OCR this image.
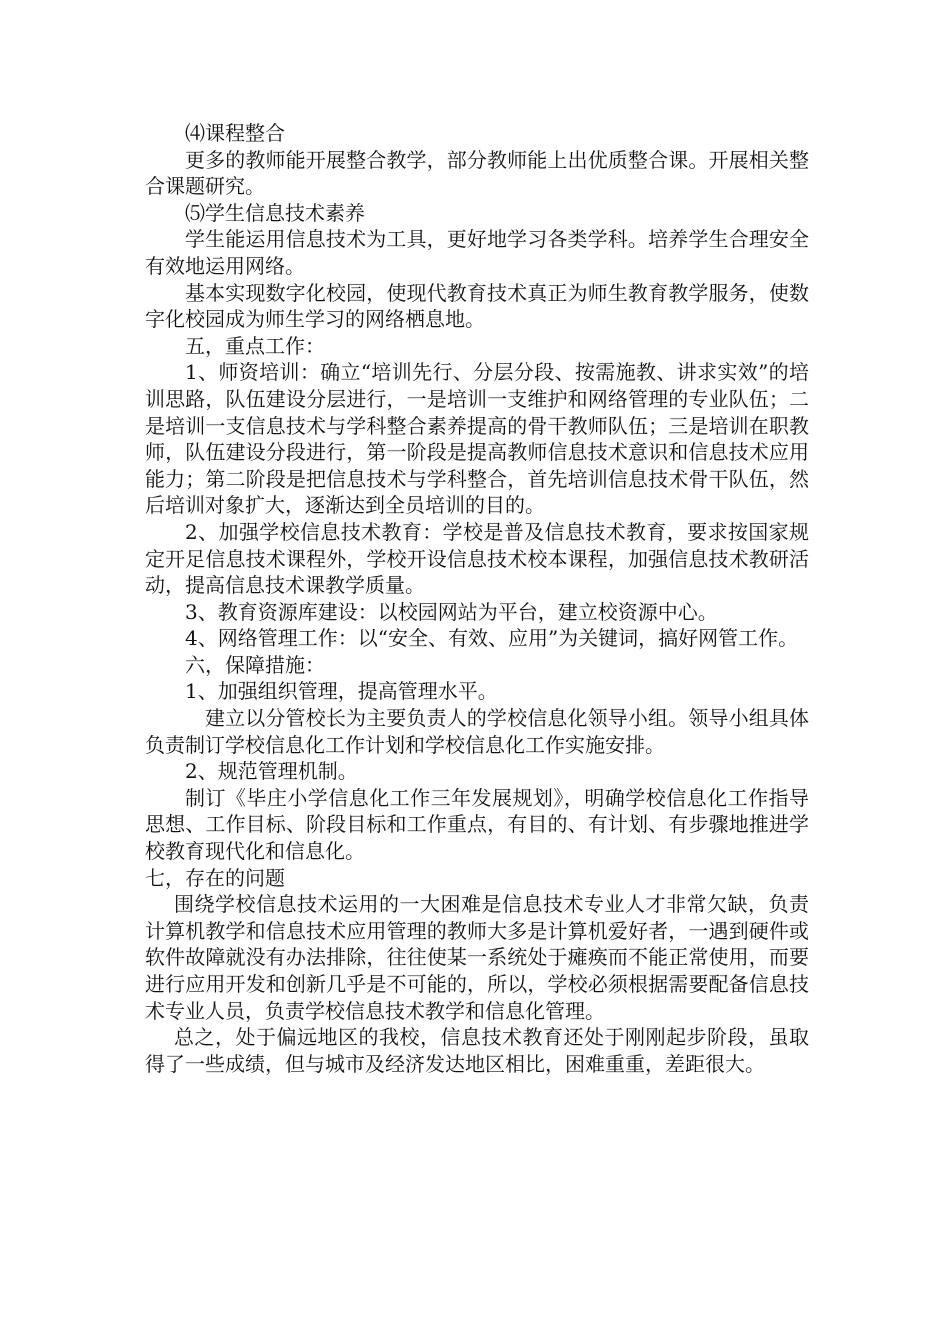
⑷课程整合

更多的教师能开展整合教学，部分教师能上出优质整合课。开展相关整合课题研究。

⑸学生信息技术素养

学生能运用信息技术为工具，更好地学习各类学科。培养学生合理安全有效地运用网络。

基本实现数字化校园，使现代教育技术真正为师生教育教学服务，使数字化校园成为师生学习的网络栖息地。

五，重点工作：

1、师资培训：确立“培训先行、分层分段、按需施教、讲求实效”的培训思路，队伍建设分层进行，一是培训一支维护和网络管理的专业队伍；二是培训一支信息技术与学科整合素养提高的骨干教师队伍；三是培训在职教师，队伍建设分段进行，第一阶段是提高教师信息技术意识和信息技术应用能力；第二阶段是把信息技术与学科整合，首先培训信息技术骨干队伍，然后培训对象扩大，逐渐达到全员培训的目的。

2、加强学校信息技术教育：学校是普及信息技术教育，要求按国家规定开足信息技术课程外，学校开设信息技术校本课程，加强信息技术教研活动，提高信息技术课教学质量。

3、教育资源库建设：以校园网站为平台，建立校资源中心。

4、网络管理工作：以“安全、有效、应用”为关键词，搞好网管工作。

六，保障措施：

1、加强组织管理，提高管理水平。

建立以分管校长为主要负责人的学校信息化领导小组。领导小组具体负责制订学校信息化工作计划和学校信息化工作实施安排。

2、规范管理机制。

制订《毕庄小学信息化工作三年发展规划》，明确学校信息化工作指导思想、工作目标、阶段目标和工作重点，有目的、有计划、有步骤地推进学校教育现代化和信息化。

七，存在的问题

围绕学校信息技术运用的一大困难是信息技术专业人才非常欠缺，负责计算机教学和信息技术应用管理的教师大多是计算机爱好者，一遇到硬件或软件故障就没有办法排除，往往使某一系统处于瘫痪而不能正常使用，而要进行应用开发和创新几乎是不可能的，所以，学校必须根据需要配备信息技术专业人员，负责学校信息技术教学和信息化管理。

总之，处于偏远地区的我校，信息技术教育还处于刚刚起步阶段，虽取得了一些成绩，但与城市及经济发达地区相比，困难重重，差距很大。
